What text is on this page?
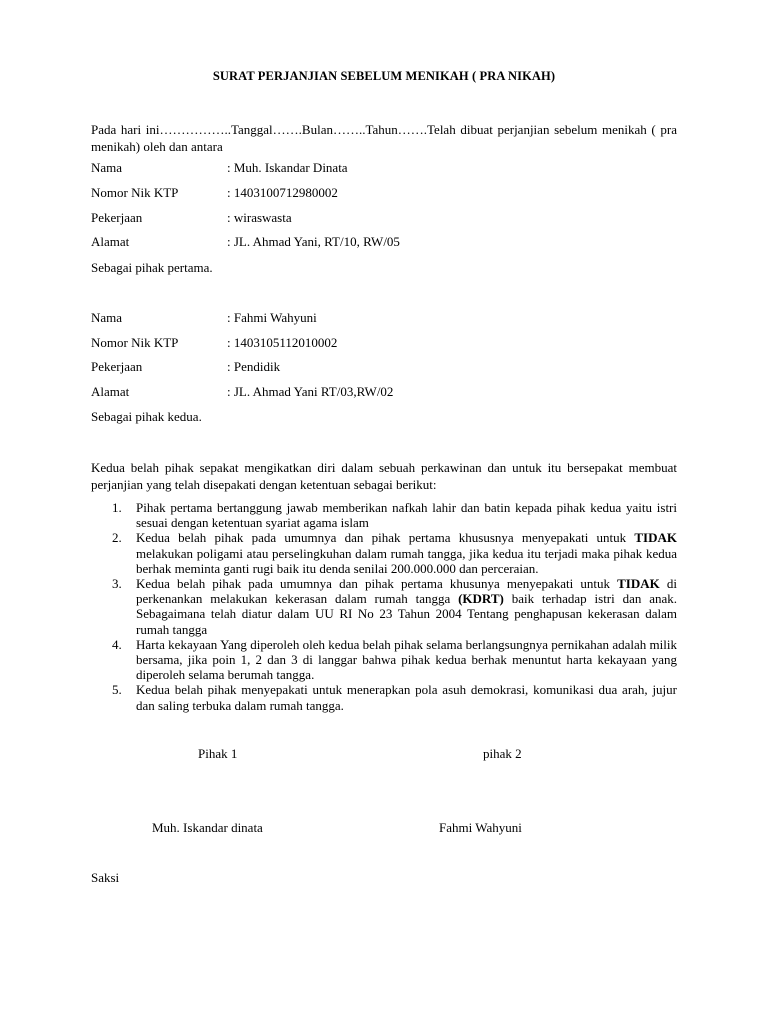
SURAT PERJANJIAN SEBELUM MENIKAH ( PRA NIKAH)
Pada hari ini……………..Tanggal…….Bulan……..Tahun…….Telah dibuat perjanjian sebelum menikah ( pra menikah) oleh dan antara
Nama	: Muh. Iskandar Dinata
Nomor Nik KTP	: 1403100712980002
Pekerjaan	: wiraswasta
Alamat	: JL. Ahmad Yani, RT/10, RW/05
Sebagai pihak pertama.
Nama	: Fahmi Wahyuni
Nomor Nik KTP	: 1403105112010002
Pekerjaan	: Pendidik
Alamat	: JL. Ahmad Yani RT/03,RW/02
Sebagai pihak kedua.
Kedua belah pihak sepakat mengikatkan diri dalam sebuah perkawinan dan untuk itu bersepakat membuat perjanjian yang telah disepakati dengan ketentuan sebagai berikut:
1. Pihak pertama bertanggung jawab memberikan nafkah lahir dan batin kepada pihak kedua yaitu istri sesuai dengan ketentuan syariat agama islam
2. Kedua belah pihak pada umumnya dan pihak pertama khususnya menyepakati untuk TIDAK melakukan poligami atau perselingkuhan dalam rumah tangga, jika kedua itu terjadi maka pihak kedua berhak meminta ganti rugi baik itu denda senilai 200.000.000 dan perceraian.
3. Kedua belah pihak pada umumnya dan pihak pertama khusunya menyepakati untuk TIDAK di perkenankan melakukan kekerasan dalam rumah tangga (KDRT) baik terhadap istri dan anak. Sebagaimana telah diatur dalam UU RI No 23 Tahun 2004 Tentang penghapusan kekerasan dalam rumah tangga
4. Harta kekayaan Yang diperoleh oleh kedua belah pihak selama berlangsungnya pernikahan adalah milik bersama, jika poin 1, 2 dan 3 di langgar bahwa pihak kedua berhak menuntut harta kekayaan yang diperoleh selama berumah tangga.
5. Kedua belah pihak menyepakati untuk menerapkan pola asuh demokrasi, komunikasi dua arah, jujur dan saling terbuka dalam rumah tangga.
Pihak 1	pihak 2
Muh. Iskandar dinata	Fahmi Wahyuni
Saksi
